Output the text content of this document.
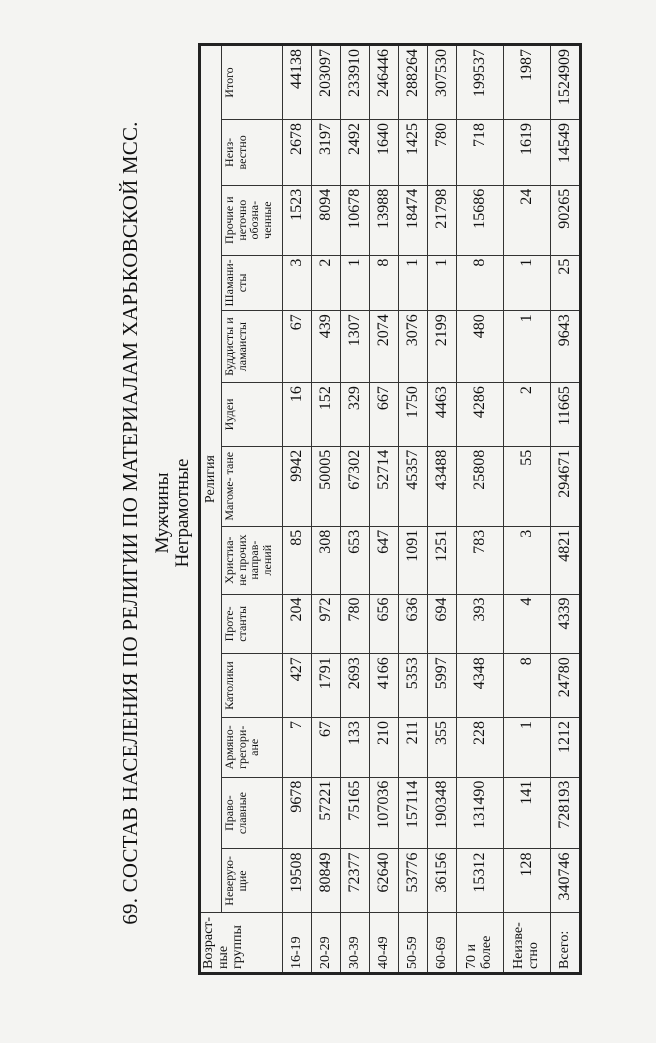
69. СОСТАВ НАСЕЛЕНИЯ ПО РЕЛИГИИ ПО МАТЕРИАЛАМ ХАРЬКОВСКОЙ МСС. Мужчины Неграмотные
Возраст- ные группы	Религия												
	Неверую- щие	Право- славные	Армяно- грегори- ане	Католики	Проте- станты	Христиа- не прочих направ- лений	Магоме- тане	Иудеи	Буддисты и ламаисты	Шамани- сты	Прочие и неточно обозна- ченные	Неиз- вестно	Итого
16-19	19508	9678	7	427	204	85	9942	16	67	3	1523	2678	44138
20-29	80849	57221	67	1791	972	308	50005	152	439	2	8094	3197	203097
30-39	72377	75165	133	2693	780	653	67302	329	1307	1	10678	2492	233910
40-49	62640	107036	210	4166	656	647	52714	667	2074	8	13988	1640	246446
50-59	53776	157114	211	5353	636	1091	45357	1750	3076	1	18474	1425	288264
60-69	36156	190348	355	5997	694	1251	43488	4463	2199	1	21798	780	307530
70 и более	15312	131490	228	4348	393	783	25808	4286	480	8	15686	718	199537
Неизве- стно	128	141	1	8	4	3	55	2	1	1	24	1619	1987
Всего:	340746	728193	1212	24780	4339	4821	294671	11665	9643	25	90265	14549	1524909
